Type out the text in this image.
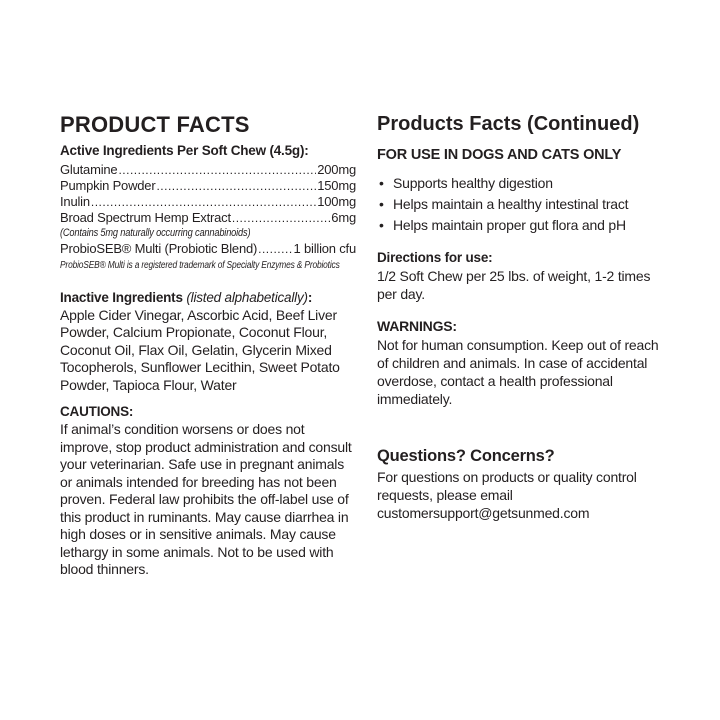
PRODUCT FACTS
Active Ingredients Per Soft Chew (4.5g):
Glutamine .....	200mg
Pumpkin Powder .....	150mg
Inulin .....	100mg
Broad Spectrum Hemp Extract .....	6mg

(Contains 5mg naturally occurring cannabinoids)

ProbioSEB® Multi (Probiotic Blend) .....	1 billion cfu

ProbioSEB® Multi is a registered trademark of Specialty Enzymes & Probiotics

Inactive Ingredients (listed alphabetically):

Apple Cider Vinegar, Ascorbic Acid, Beef Liver Powder, Calcium Propionate, Coconut Flour, Coconut Oil, Flax Oil, Gelatin, Glycerin Mixed Tocopherols, Sunflower Lecithin, Sweet Potato Powder, Tapioca Flour, Water

CAUTIONS:

If animal’s condition worsens or does not improve, stop product administration and consult your veterinarian. Safe use in pregnant animals or animals intended for breeding has not been proven. Federal law prohibits the off-label use of this product in ruminants. May cause diarrhea in high doses or in sensitive animals. May cause lethargy in some animals. Not to be used with blood thinners.

Products Facts (Continued)
FOR USE IN DOGS AND CATS ONLY
• Supports healthy digestion
• Helps maintain a healthy intestinal tract
• Helps maintain proper gut flora and pH
Directions for use:

1/2 Soft Chew per 25 lbs. of weight, 1-2 times per day.

WARNINGS:

Not for human consumption. Keep out of reach of children and animals. In case of accidental overdose, contact a health professional immediately.

Questions? Concerns?

For questions on products or quality control requests, please email customersupport@getsunmed.com
